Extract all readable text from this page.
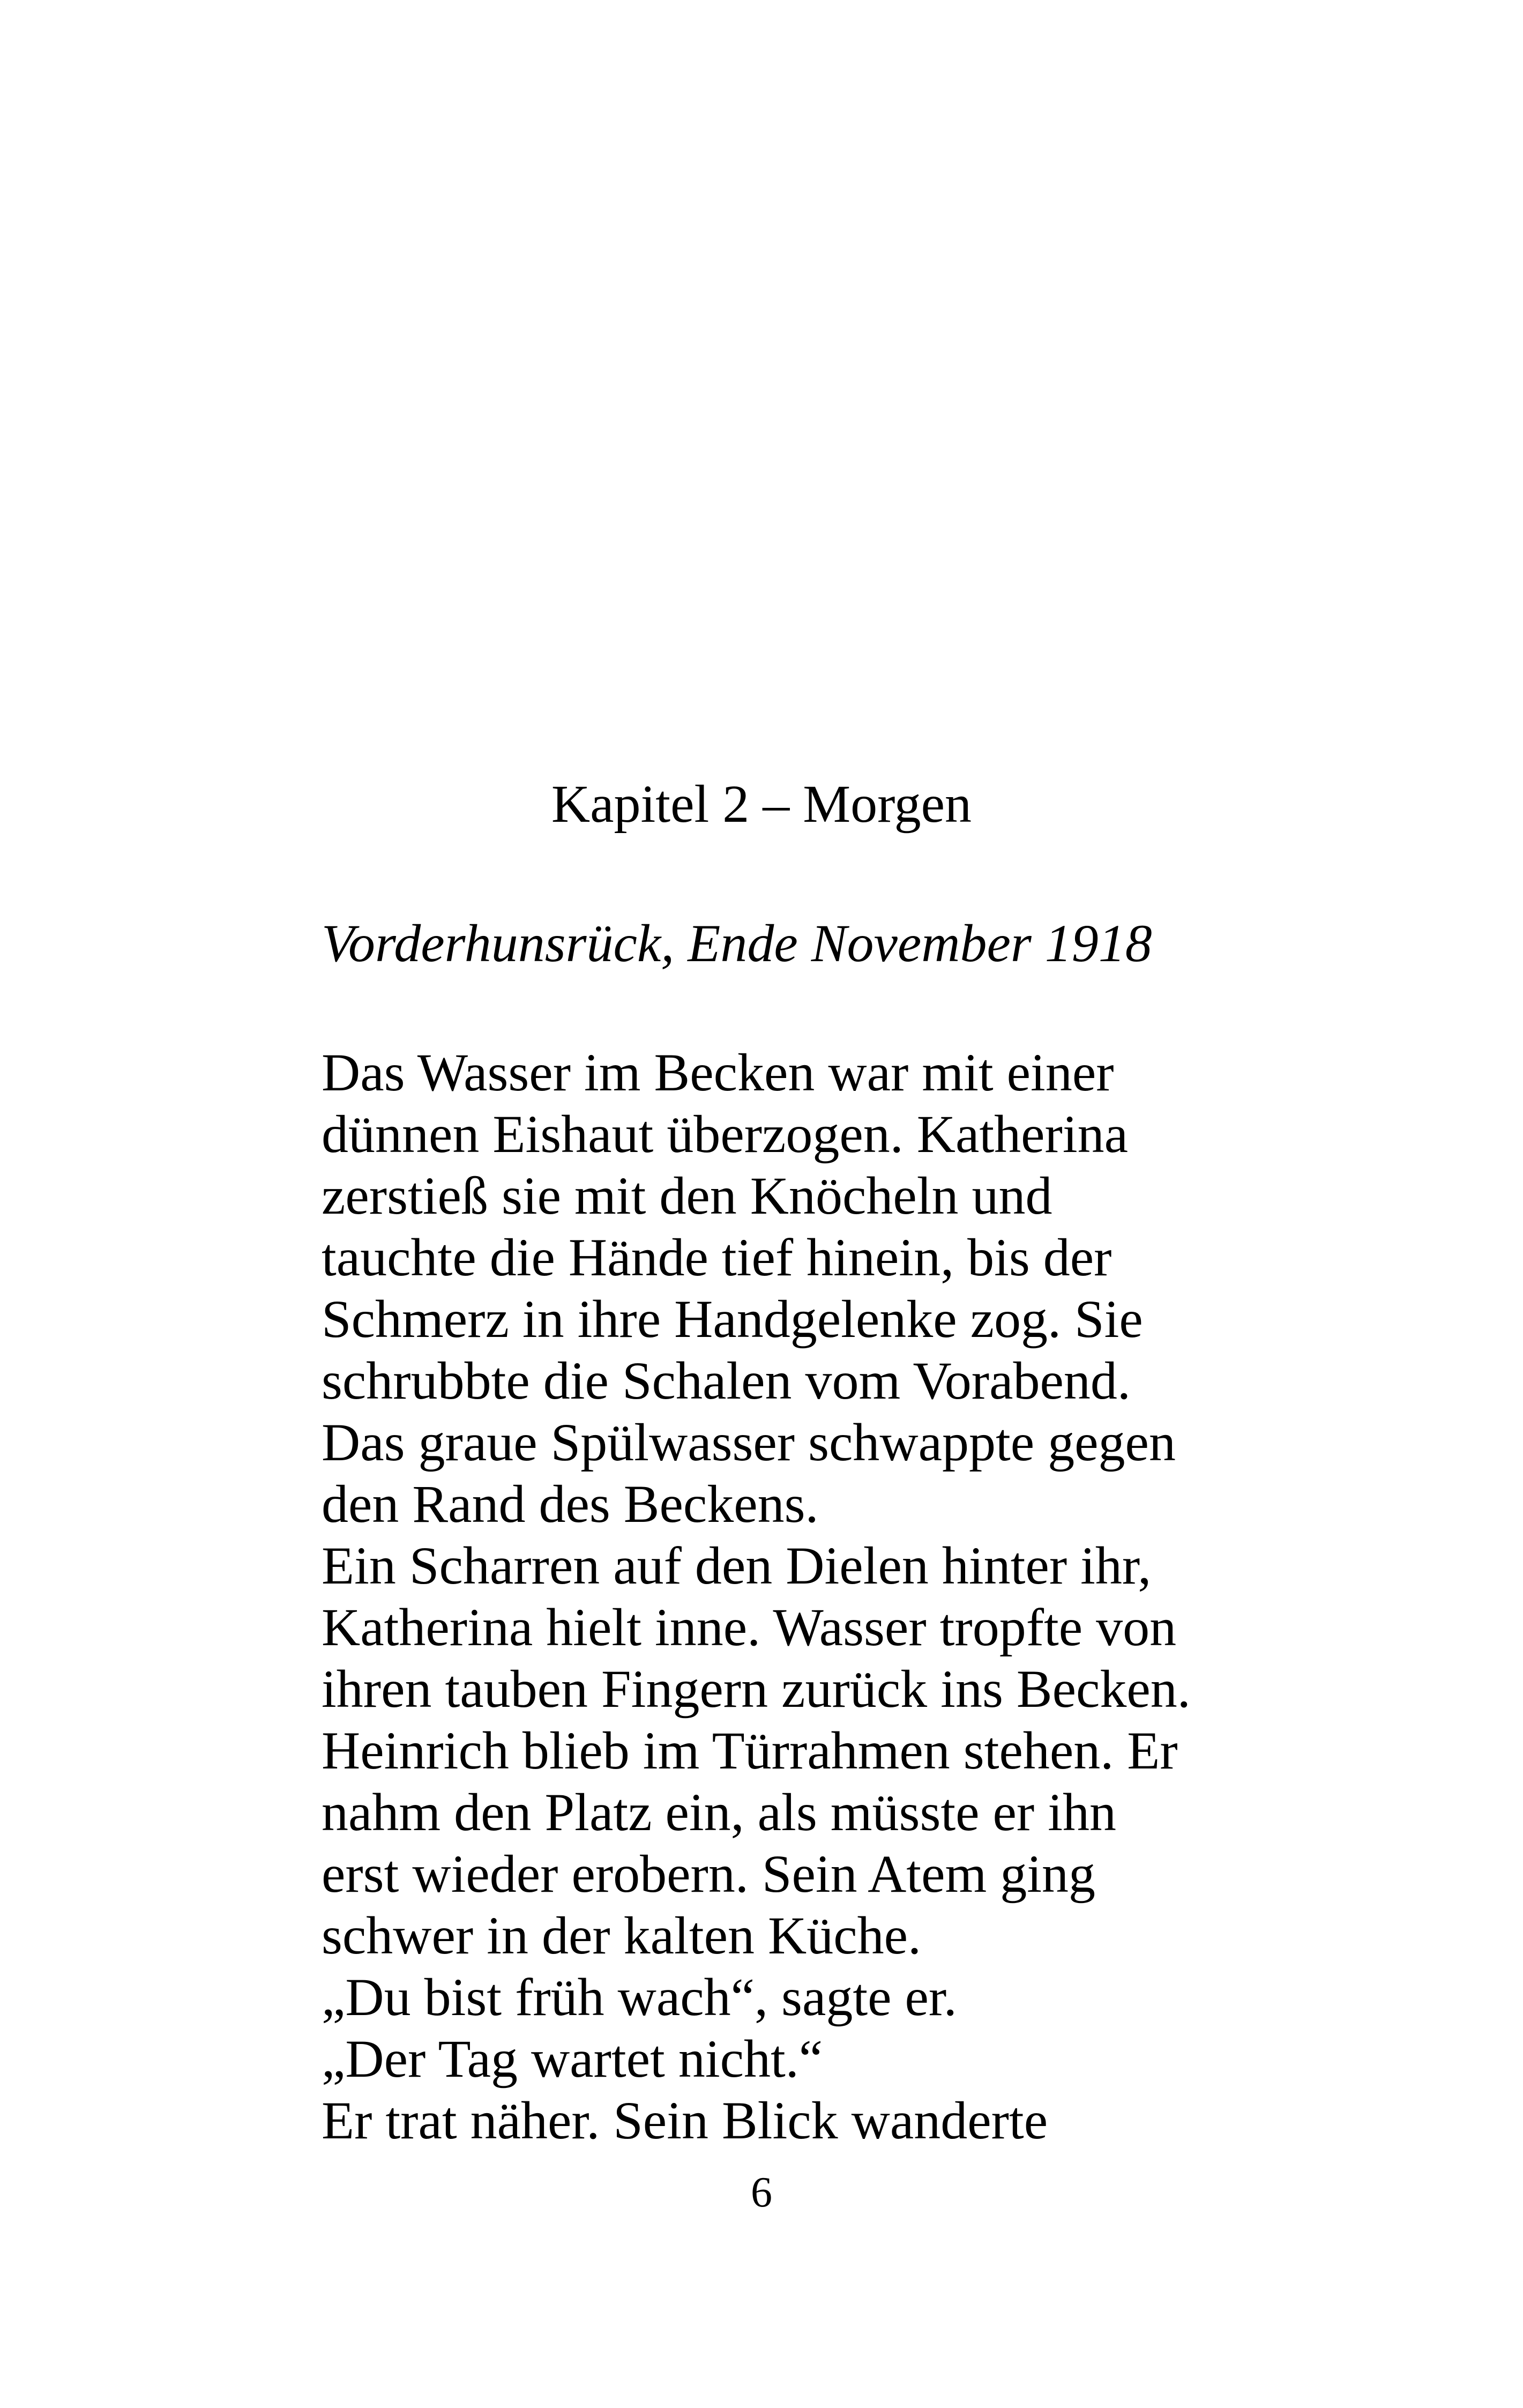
Kapitel 2 – Morgen

Vorderhunsrück, Ende November 1918

Das Wasser im Becken war mit einer
dünnen Eishaut überzogen. Katherina
zerstieß sie mit den Knöcheln und
tauchte die Hände tief hinein, bis der
Schmerz in ihre Handgelenke zog. Sie
schrubbte die Schalen vom Vorabend.
Das graue Spülwasser schwappte gegen
den Rand des Beckens.
Ein Scharren auf den Dielen hinter ihr,
Katherina hielt inne. Wasser tropfte von
ihren tauben Fingern zurück ins Becken.
Heinrich blieb im Türrahmen stehen. Er
nahm den Platz ein, als müsste er ihn
erst wieder erobern. Sein Atem ging
schwer in der kalten Küche.
„Du bist früh wach“, sagte er.
„Der Tag wartet nicht.“
Er trat näher. Sein Blick wanderte

6
